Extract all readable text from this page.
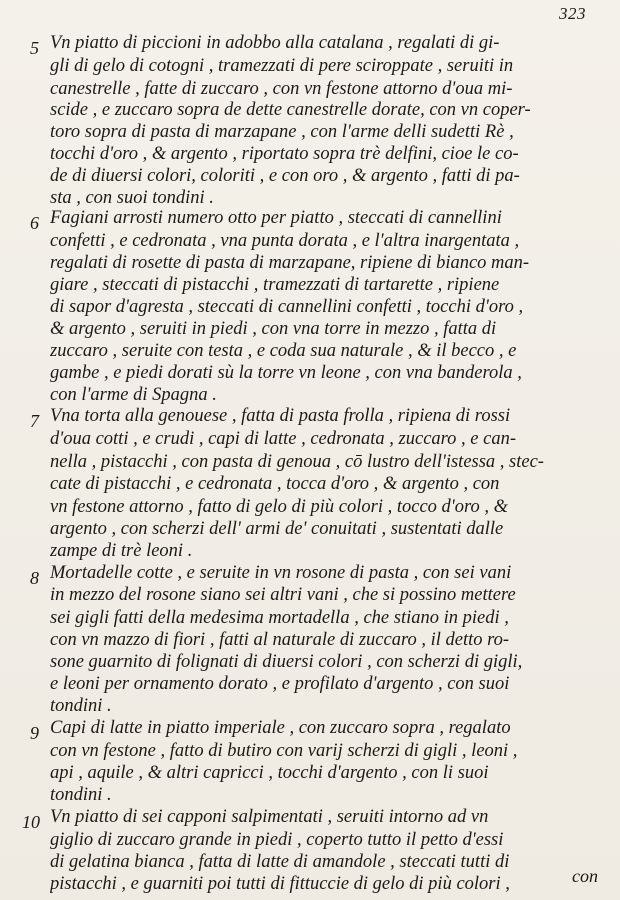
323
5 Vn piatto di piccioni in adobbo alla catalana , regalati di gi-
gli di gelo di cotogni , tramezzati di pere sciroppate , seruiti in
canestrelle , fatte di zuccaro , con vn festone attorno d'oua mi-
scide , e zuccaro sopra de dette canestrelle dorate, con vn coper-
toro sopra di pasta di marzapane , con l'arme delli sudetti Rè ,
tocchi d'oro , & argento , riportato sopra trè delfini, cioe le co-
de di diuersi colori, coloriti , e con oro , & argento , fatti di pa-
sta , con suoi tondini .
6 Fagiani arrosti numero otto per piatto , steccati di cannellini
confetti , e cedronata , vna punta dorata , e l'altra inargentata ,
regalati di rosette di pasta di marzapane, ripiene di bianco man-
giare , steccati di pistacchi , tramezzati di tartarette , ripiene
di sapor d'agresta , steccati di cannellini confetti , tocchi d'oro ,
& argento , seruiti in piedi , con vna torre in mezzo , fatta di
zuccaro , seruite con testa , e coda sua naturale , & il becco , e
gambe , e piedi dorati sù la torre vn leone , con vna banderola ,
con l'arme di Spagna .
7 Vna torta alla genouese , fatta di pasta frolla , ripiena di rossi
d'oua cotti , e crudi , capi di latte , cedronata , zuccaro , e can-
nella , pistacchi , con pasta di genoua , cō lustro dell'istessa , stec-
cate di pistacchi , e cedronata , tocca d'oro , & argento , con
vn festone attorno , fatto di gelo di più colori , tocco d'oro , &
argento , con scherzi dell' armi de' conuitati , sustentati dalle
zampe di trè leoni .
8 Mortadelle cotte , e seruite in vn rosone di pasta , con sei vani
in mezzo del rosone siano sei altri vani , che si possino mettere
sei gigli fatti della medesima mortadella , che stiano in piedi ,
con vn mazzo di fiori , fatti al naturale di zuccaro , il detto ro-
sone guarnito di folignati di diuersi colori , con scherzi di gigli,
e leoni per ornamento dorato , e profilato d'argento , con suoi
tondini .
9 Capi di latte in piatto imperiale , con zuccaro sopra , regalato
con vn festone , fatto di butiro con varij scherzi di gigli , leoni ,
api , aquile , & altri capricci , tocchi d'argento , con li suoi
tondini .
10 Vn piatto di sei capponi salpimentati , seruiti intorno ad vn
giglio di zuccaro grande in piedi , coperto tutto il petto d'essi
di gelatina bianca , fatta di latte di amandole , steccati tutti di
pistacchi , e guarniti poi tutti di fittuccie di gelo di più colori ,	con
